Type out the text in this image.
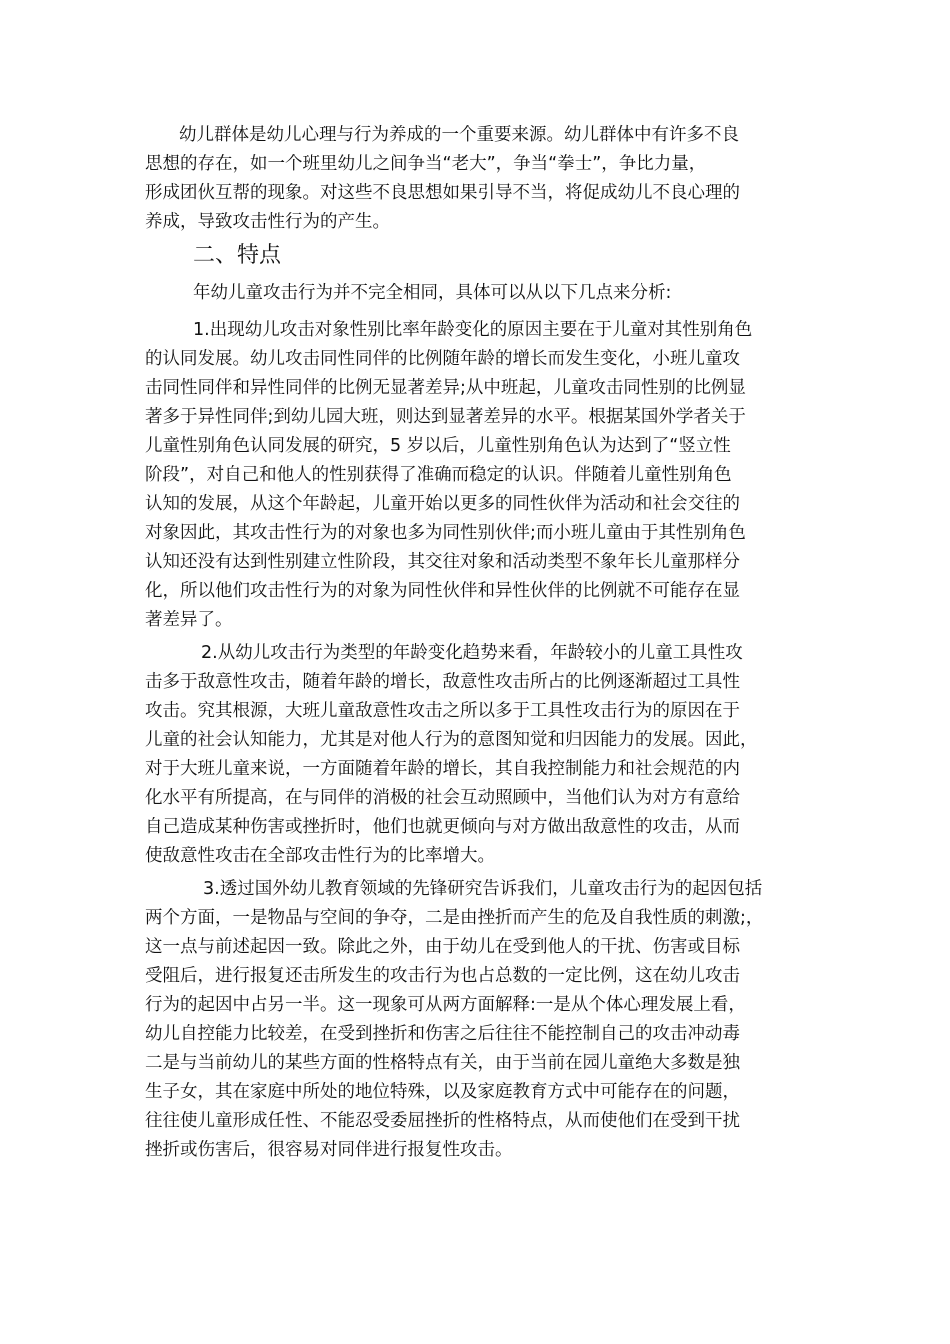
幼儿群体是幼儿心理与行为养成的一个重要来源。幼儿群体中有许多不良
思想的存在，如一个班里幼儿之间争当“老大”，争当“拳士”，争比力量，
形成团伙互帮的现象。对这些不良思想如果引导不当，将促成幼儿不良心理的
养成，导致攻击性行为的产生。
二、特点
年幼儿童攻击行为并不完全相同，具体可以从以下几点来分析:
1.出现幼儿攻击对象性别比率年龄变化的原因主要在于儿童对其性别角色
的认同发展。幼儿攻击同性同伴的比例随年龄的增长而发生变化，小班儿童攻
击同性同伴和异性同伴的比例无显著差异;从中班起，儿童攻击同性别的比例显
著多于异性同伴;到幼儿园大班，则达到显著差异的水平。根据某国外学者关于
儿童性别角色认同发展的研究，5 岁以后，儿童性别角色认为达到了“竖立性
阶段”，对自己和他人的性别获得了准确而稳定的认识。伴随着儿童性别角色
认知的发展，从这个年龄起，儿童开始以更多的同性伙伴为活动和社会交往的
对象因此，其攻击性行为的对象也多为同性别伙伴;而小班儿童由于其性别角色
认知还没有达到性别建立性阶段，其交往对象和活动类型不象年长儿童那样分
化，所以他们攻击性行为的对象为同性伙伴和异性伙伴的比例就不可能存在显
著差异了。
2.从幼儿攻击行为类型的年龄变化趋势来看，年龄较小的儿童工具性攻
击多于敌意性攻击，随着年龄的增长，敌意性攻击所占的比例逐渐超过工具性
攻击。究其根源，大班儿童敌意性攻击之所以多于工具性攻击行为的原因在于
儿童的社会认知能力，尤其是对他人行为的意图知觉和归因能力的发展。因此，
对于大班儿童来说，一方面随着年龄的增长，其自我控制能力和社会规范的内
化水平有所提高，在与同伴的消极的社会互动照顾中，当他们认为对方有意给
自己造成某种伤害或挫折时，他们也就更倾向与对方做出敌意性的攻击，从而
使敌意性攻击在全部攻击性行为的比率增大。
3.透过国外幼儿教育领域的先锋研究告诉我们，儿童攻击行为的起因包括
两个方面，一是物品与空间的争夺，二是由挫折而产生的危及自我性质的刺激;，
这一点与前述起因一致。除此之外，由于幼儿在受到他人的干扰、伤害或目标
受阻后，进行报复还击所发生的攻击行为也占总数的一定比例，这在幼儿攻击
行为的起因中占另一半。这一现象可从两方面解释:一是从个体心理发展上看，
幼儿自控能力比较差，在受到挫折和伤害之后往往不能控制自己的攻击冲动毒
二是与当前幼儿的某些方面的性格特点有关，由于当前在园儿童绝大多数是独
生子女，其在家庭中所处的地位特殊，以及家庭教育方式中可能存在的问题，
往往使儿童形成任性、不能忍受委屈挫折的性格特点，从而使他们在受到干扰
挫折或伤害后，很容易对同伴进行报复性攻击。
